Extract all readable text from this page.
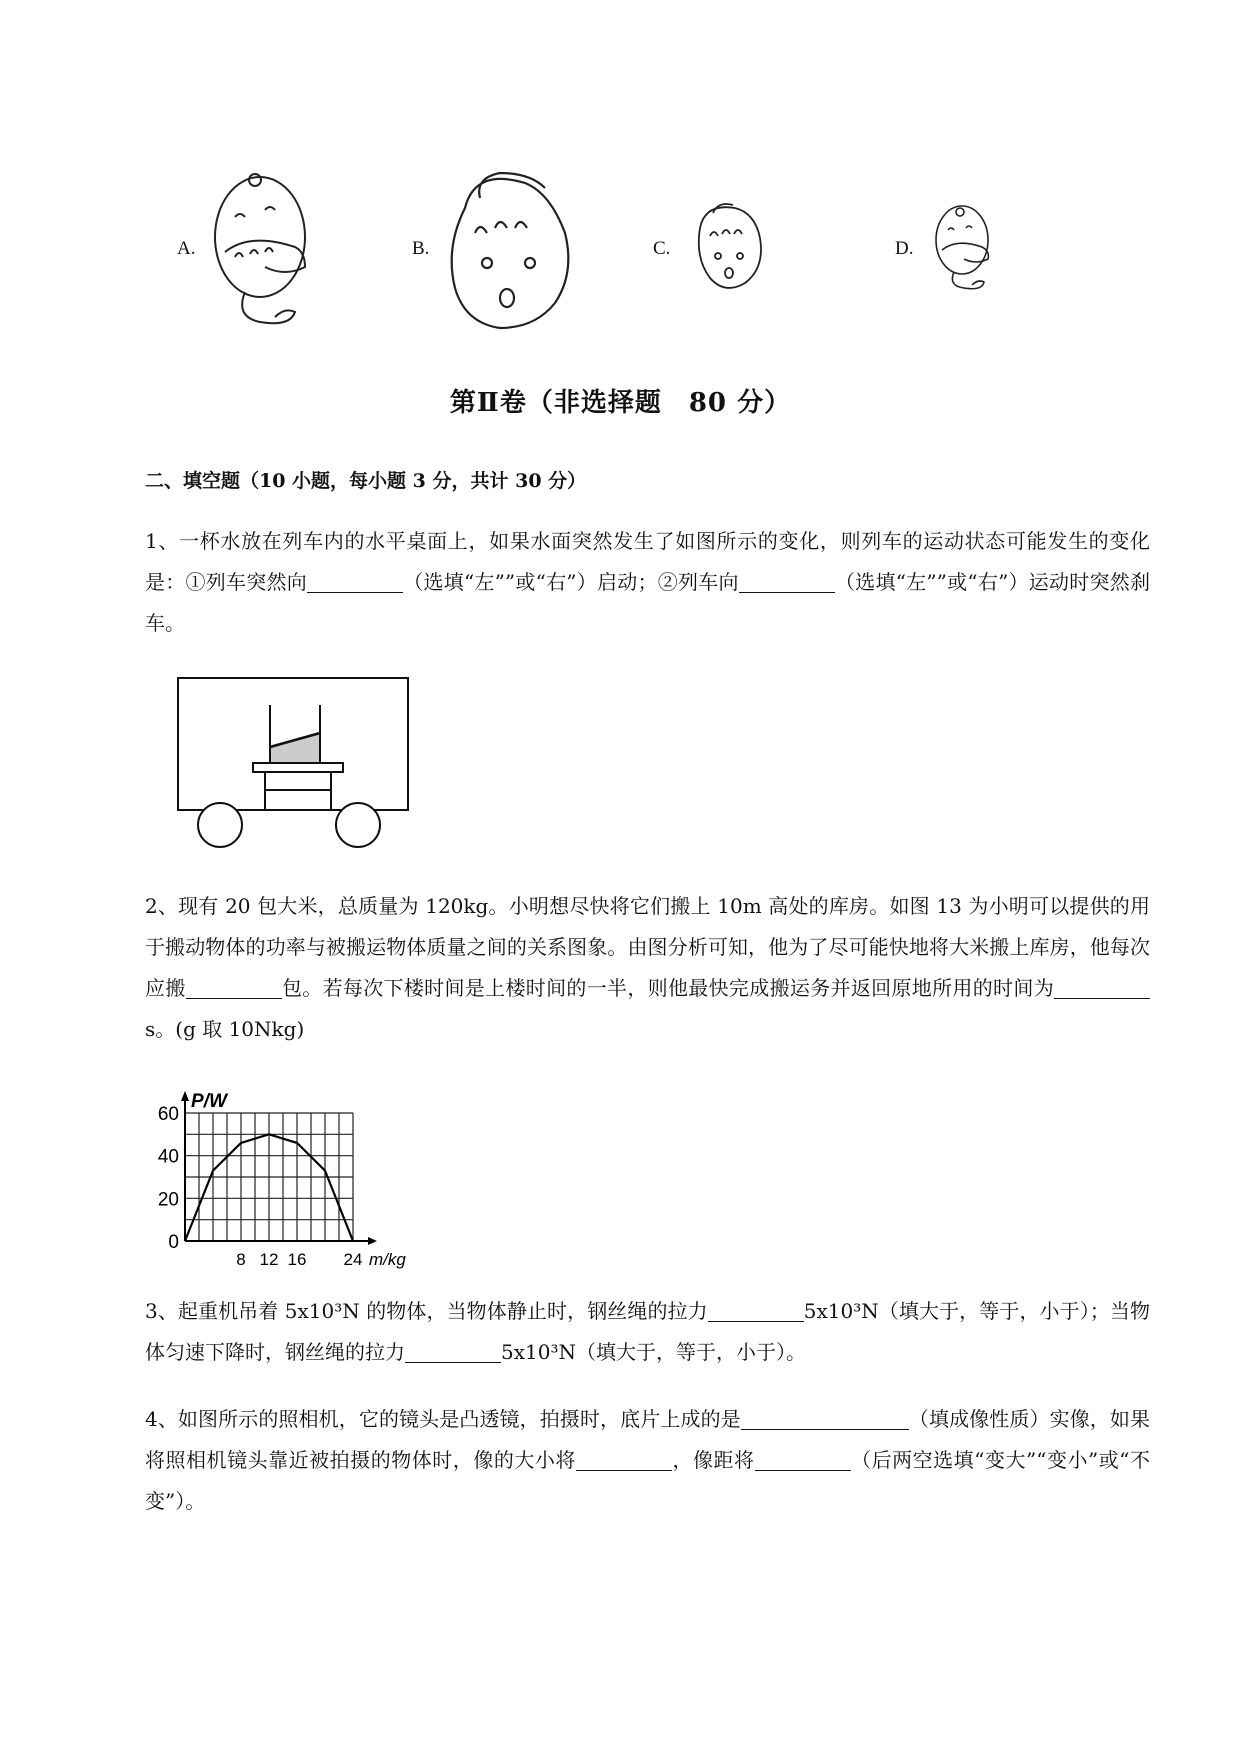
A.	B.	C.	D.
第Ⅱ卷（非选择题　80 分）
二、填空题（10 小题，每小题 3 分，共计 30 分）
1、一杯水放在列车内的水平桌面上，如果水面突然发生了如图所示的变化，则列车的运动状态可能发生的变化是：①列车突然向	（选填“左””或“右”）启动；②列车向	（选填“左””或“右”）运动时突然刹车。
2、现有 20 包大米，总质量为 120kg。小明想尽快将它们搬上 10m 高处的库房。如图 13 为小明可以提供的用于搬动物体的功率与被搬运物体质量之间的关系图象。由图分析可知，他为了尽可能快地将大米搬上库房，他每次应搬	包。若每次下楼时间是上楼时间的一半，则他最快完成搬运务并返回原地所用的时间为s。(g 取 10Nkg)
0
20
40
60
8 12 16 24
P/W
m/kg
3、起重机吊着 5x10³N 的物体，当物体静止时，钢丝绳的拉力	5x10³N（填大于，等于，小于）；当物体匀速下降时，钢丝绳的拉力	5x10³N（填大于，等于，小于）。
4、如图所示的照相机，它的镜头是凸透镜，拍摄时，底片上成的是	（填成像性质）实像，如果将照相机镜头靠近被拍摄的物体时，像的大小将	，像距将	（后两空选填“变大”“变小”或“不变”）。
